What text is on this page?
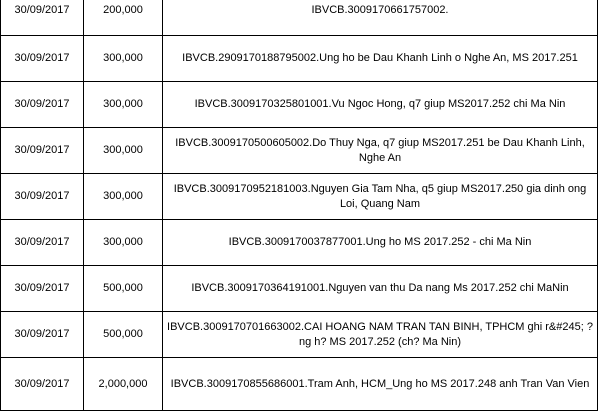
30/09/2017	200,000	IBVCB.3009170661757002.
30/09/2017	300,000	IBVCB.2909170188795002.Ung ho be Dau Khanh Linh o Nghe An, MS 2017.251
30/09/2017	300,000	IBVCB.3009170325801001.Vu Ngoc Hong, q7 giup MS2017.252 chi Ma Nin
30/09/2017	300,000	IBVCB.3009170500605002.Do Thuy Nga, q7 giup MS2017.251 be Dau Khanh Linh, Nghe An
30/09/2017	300,000	IBVCB.3009170952181003.Nguyen Gia Tam Nha, q5 giup MS2017.250 gia dinh ong Loi, Quang Nam
30/09/2017	300,000	IBVCB.3009170037877001.Ung ho MS 2017.252 - chi Ma Nin
30/09/2017	500,000	IBVCB.3009170364191001.Nguyen van thu Da nang Ms 2017.252 chi MaNin
30/09/2017	500,000	IBVCB.3009170701663002.CAI HOANG NAM TRAN TAN BINH, TPHCM ghi r&#245; ?ng h? MS 2017.252 (ch? Ma Nin)
30/09/2017	2,000,000	IBVCB.3009170855686001.Tram Anh, HCM_Ung ho MS 2017.248 anh Tran Van Vien
